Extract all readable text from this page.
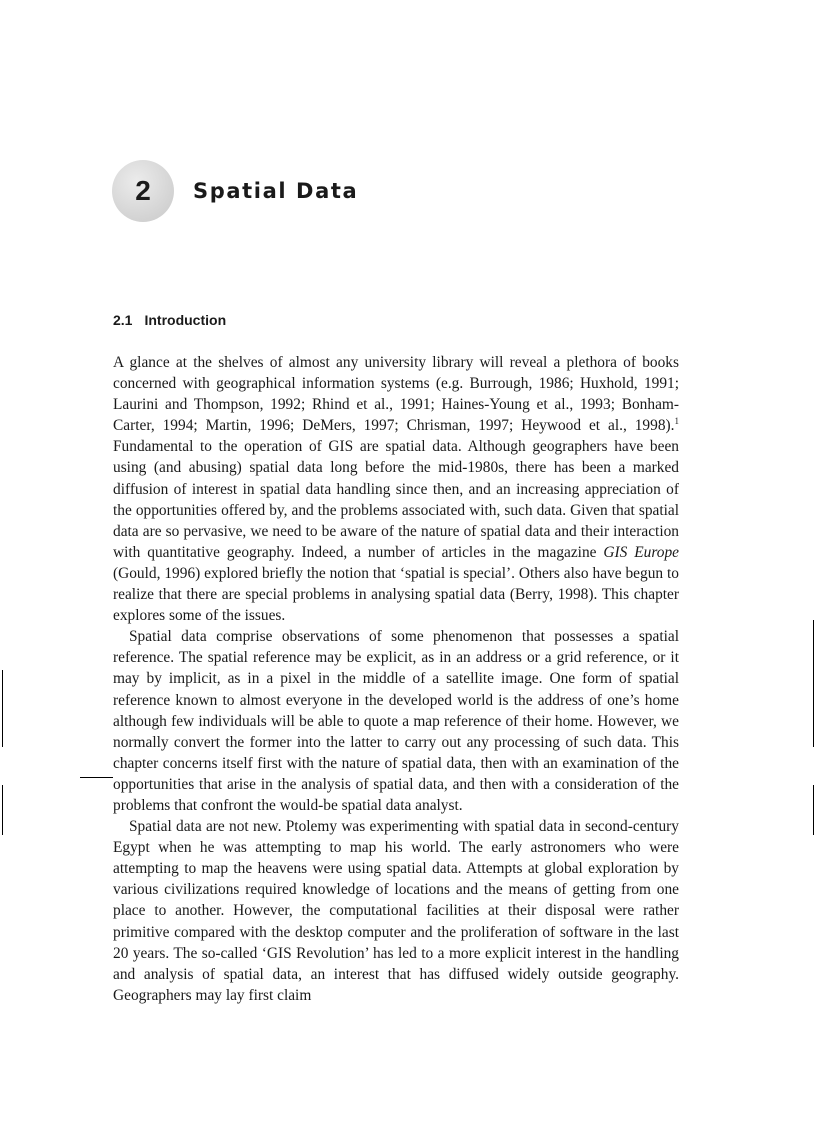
2 Spatial Data
2.1 Introduction

A glance at the shelves of almost any university library will reveal a plethora of books concerned with geographical information systems (e.g. Burrough, 1986; Huxhold, 1991; Laurini and Thompson, 1992; Rhind et al., 1991; Haines-Young et al., 1993; Bonham-Carter, 1994; Martin, 1996; DeMers, 1997; Chrisman, 1997; Heywood et al., 1998).$^1$ Fundamental to the operation of GIS are spatial data. Although geographers have been using (and abusing) spatial data long before the mid-1980s, there has been a marked diffusion of interest in spatial data handling since then, and an increasing appreciation of the opportunities offered by, and the problems associated with, such data. Given that spatial data are so pervasive, we need to be aware of the nature of spatial data and their interaction with quantitative geography. Indeed, a number of articles in the magazine GIS Europe (Gould, 1996) explored briefly the notion that ‘spatial is special’. Others also have begun to realize that there are special problems in analysing spatial data (Berry, 1998). This chapter explores some of the issues.

Spatial data comprise observations of some phenomenon that possesses a spatial reference. The spatial reference may be explicit, as in an address or a grid reference, or it may by implicit, as in a pixel in the middle of a satellite image. One form of spatial reference known to almost everyone in the developed world is the address of one’s home although few individuals will be able to quote a map reference of their home. However, we normally convert the former into the latter to carry out any processing of such data. This chapter concerns itself first with the nature of spatial data, then with an examination of the opportunities that arise in the analysis of spatial data, and then with a consideration of the problems that confront the would-be spatial data analyst.

Spatial data are not new. Ptolemy was experimenting with spatial data in second-century Egypt when he was attempting to map his world. The early astronomers who were attempting to map the heavens were using spatial data. Attempts at global exploration by various civilizations required knowledge of locations and the means of getting from one place to another. However, the computational facilities at their disposal were rather primitive compared with the desktop computer and the proliferation of software in the last 20 years. The so-called ‘GIS Revolution’ has led to a more explicit interest in the handling and analysis of spatial data, an interest that has diffused widely outside geography. Geographers may lay first claim
